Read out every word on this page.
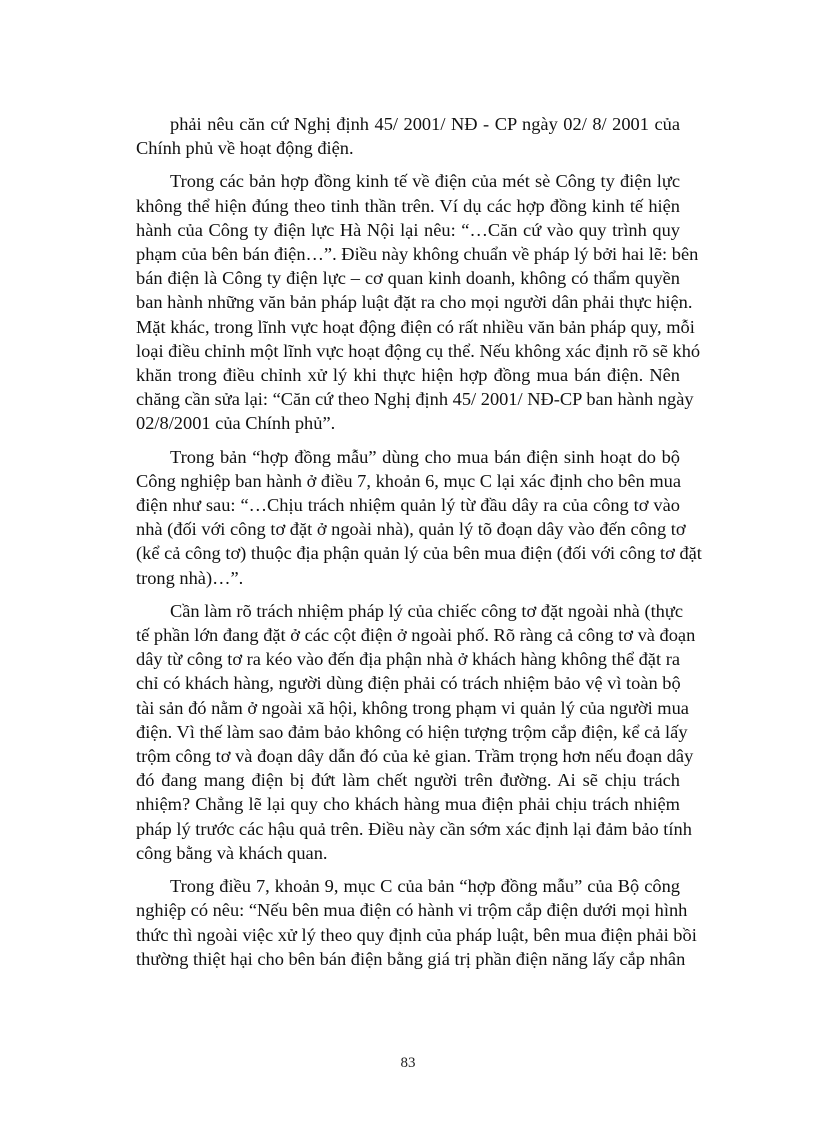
phải nêu căn cứ Nghị định 45/ 2001/ NĐ - CP ngày 02/ 8/ 2001 của
Chính phủ về hoạt động điện.

Trong các bản hợp đồng kinh tế về điện của mét sè Công ty điện lực
không thể hiện đúng theo tinh thần trên. Ví dụ các hợp đồng kinh tế hiện
hành của Công ty điện lực Hà Nội lại nêu: “…Căn cứ vào quy trình quy
phạm của bên bán điện…”. Điều này không chuẩn về pháp lý bởi hai lẽ: bên
bán điện là Công ty điện lực – cơ quan kinh doanh, không có thẩm quyền
ban hành những văn bản pháp luật đặt ra cho mọi người dân phải thực hiện.
Mặt khác, trong lĩnh vực hoạt động điện có rất nhiều văn bản pháp quy, mỗi
loại điều chỉnh một lĩnh vực hoạt động cụ thể. Nếu không xác định rõ sẽ khó
khăn trong điều chỉnh xử lý khi thực hiện hợp đồng mua bán điện. Nên
chăng cần sửa lại: “Căn cứ theo Nghị định 45/ 2001/ NĐ-CP ban hành ngày
02/8/2001 của Chính phủ”.

Trong bản “hợp đồng mẫu” dùng cho mua bán điện sinh hoạt do bộ
Công nghiệp ban hành ở điều 7, khoản 6, mục C lại xác định cho bên mua
điện như sau: “…Chịu trách nhiệm quản lý từ đầu dây ra của công tơ vào
nhà (đối với công tơ đặt ở ngoài nhà), quản lý tõ đoạn dây vào đến công tơ
(kể cả công tơ) thuộc địa phận quản lý của bên mua điện (đối với công tơ đặt
trong nhà)…”.

Cần làm rõ trách nhiệm pháp lý của chiếc công tơ đặt ngoài nhà (thực
tế phần lớn đang đặt ở các cột điện ở ngoài phố. Rõ ràng cả công tơ và đoạn
dây từ công tơ ra kéo vào đến địa phận nhà ở khách hàng không thể đặt ra
chỉ có khách hàng, người dùng điện phải có trách nhiệm bảo vệ vì toàn bộ
tài sản đó nằm ở ngoài xã hội, không trong phạm vi quản lý của người mua
điện. Vì thế làm sao đảm bảo không có hiện tượng trộm cắp điện, kể cả lấy
trộm công tơ và đoạn dây dẫn đó của kẻ gian. Trầm trọng hơn nếu đoạn dây
đó đang mang điện bị đứt làm chết người trên đường. Ai sẽ chịu trách
nhiệm? Chẳng lẽ lại quy cho khách hàng mua điện phải chịu trách nhiệm
pháp lý trước các hậu quả trên. Điều này cần sớm xác định lại đảm bảo tính
công bằng và khách quan.

Trong điều 7, khoản 9, mục C của bản “hợp đồng mẫu” của Bộ công
nghiệp có nêu: “Nếu bên mua điện có hành vi trộm cắp điện dưới mọi hình
thức thì ngoài việc xử lý theo quy định của pháp luật, bên mua điện phải bồi
thường thiệt hại cho bên bán điện bằng giá trị phần điện năng lấy cắp nhân

83
